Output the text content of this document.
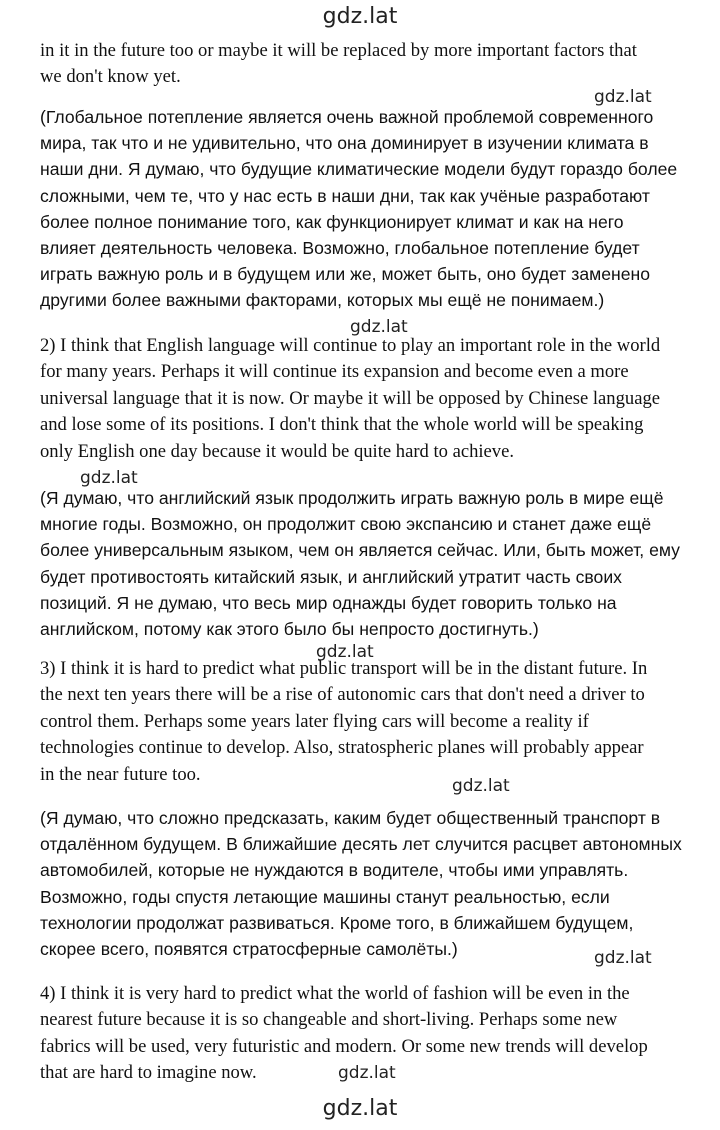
gdz.lat

in it in the future too or maybe it will be replaced by more important factors that
we don't know yet.

gdz.lat

(Глобальное потепление является очень важной проблемой современного
мира, так что и не удивительно, что она доминирует в изучении климата в
наши дни. Я думаю, что будущие климатические модели будут гораздо более
сложными, чем те, что у нас есть в наши дни, так как учёные разработают
более полное понимание того, как функционирует климат и как на него
влияет деятельность человека. Возможно, глобальное потепление будет
играть важную роль и в будущем или же, может быть, оно будет заменено
другими более важными факторами, которых мы ещё не понимаем.)

gdz.lat

2) I think that English language will continue to play an important role in the world
for many years. Perhaps it will continue its expansion and become even a more
universal language that it is now. Or maybe it will be opposed by Chinese language
and lose some of its positions. I don't think that the whole world will be speaking
only English one day because it would be quite hard to achieve.

gdz.lat

(Я думаю, что английский язык продолжить играть важную роль в мире ещё
многие годы. Возможно, он продолжит свою экспансию и станет даже ещё
более универсальным языком, чем он является сейчас. Или, быть может, ему
будет противостоять китайский язык, и английский утратит часть своих
позиций. Я не думаю, что весь мир однажды будет говорить только на
английском, потому как этого было бы непросто достигнуть.)

gdz.lat

3) I think it is hard to predict what public transport will be in the distant future. In
the next ten years there will be a rise of autonomic cars that don't need a driver to
control them. Perhaps some years later flying cars will become a reality if
technologies continue to develop. Also, stratospheric planes will probably appear
in the near future too.

gdz.lat

(Я думаю, что сложно предсказать, каким будет общественный транспорт в
отдалённом будущем. В ближайшие десять лет случится расцвет автономных
автомобилей, которые не нуждаются в водителе, чтобы ими управлять.
Возможно, годы спустя летающие машины станут реальностью, если
технологии продолжат развиваться. Кроме того, в ближайшем будущем,
скорее всего, появятся стратосферные самолёты.)	gdz.lat

4) I think it is very hard to predict what the world of fashion will be even in the
nearest future because it is so changeable and short-living. Perhaps some new
fabrics will be used, very futuristic and modern. Or some new trends will develop
that are hard to imagine now.	gdz.lat
gdz.lat
